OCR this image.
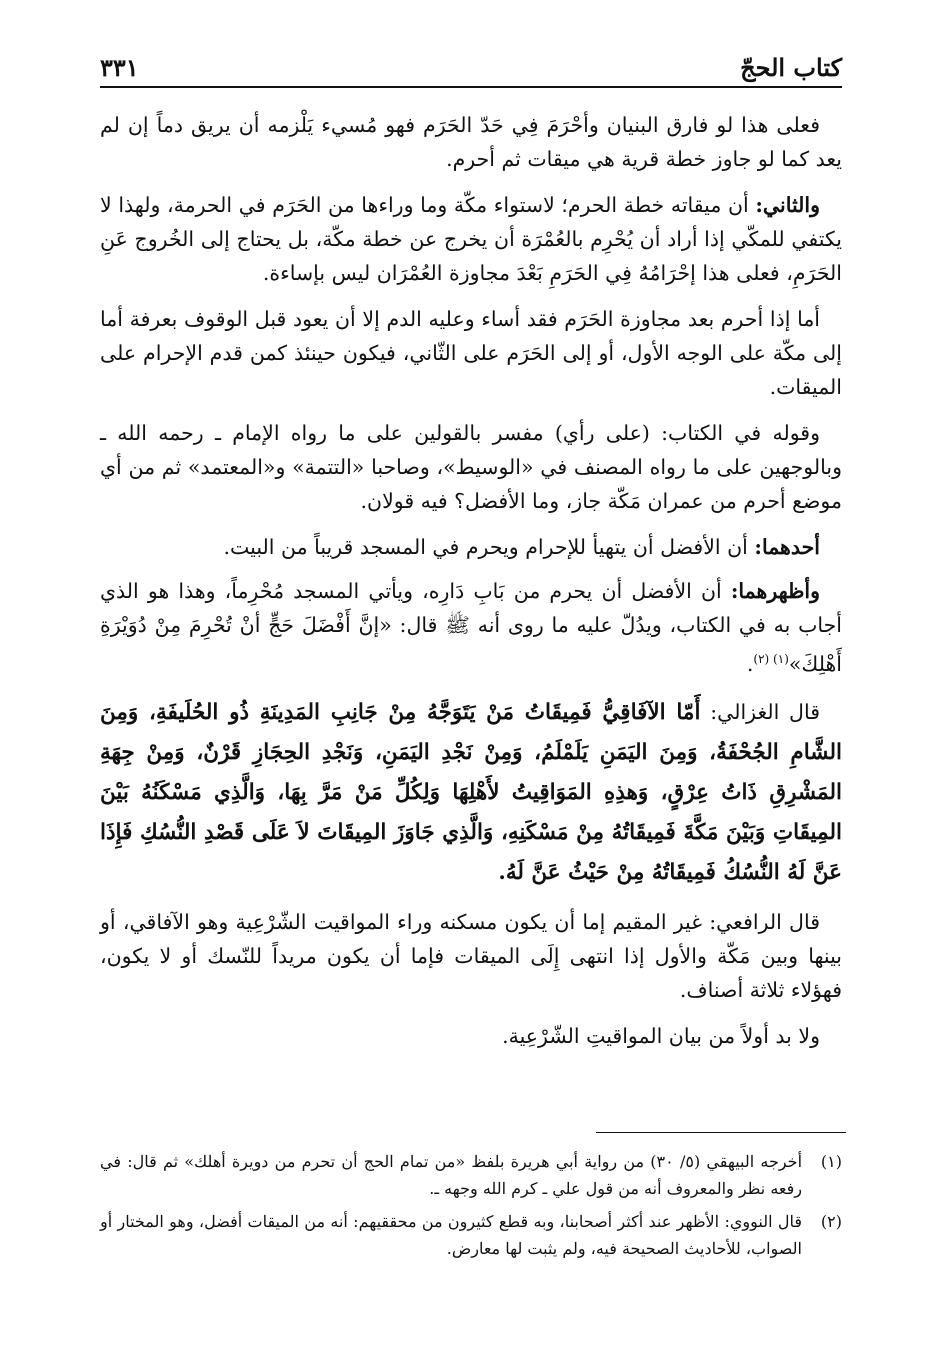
كتاب الحجّ
٣٣١

فعلى هذا لو فارق البنيان وأحْرَمَ فِي حَدّ الحَرَم فهو مُسيء يَلْزمه أن يريق دماً إن لم يعد كما لو جاوز خطة قرية هي ميقات ثم أحرم.

والثاني: أن ميقاته خطة الحرم؛ لاستواء مكّة وما وراءها من الحَرَم في الحرمة، ولهذا لا يكتفي للمكّي إذا أراد أن يُحْرِم بالعُمْرَة أن يخرج عن خطة مكّة، بل يحتاج إلى الخُروج عَنِ الحَرَمِ، فعلى هذا إحْرَامُهُ فِي الحَرَمِ بَعْدَ مجاوزة العُمْرَان ليس بإساءة.

أما إذا أحرم بعد مجاوزة الحَرَم فقد أساء وعليه الدم إلا أن يعود قبل الوقوف بعرفة أما إلى مكّة على الوجه الأول، أو إلى الحَرَم على الثّاني، فيكون حينئذ كمن قدم الإحرام على الميقات.

وقوله في الكتاب: (على رأي) مفسر بالقولين على ما رواه الإمام ـ رحمه الله ـ وبالوجهين على ما رواه المصنف في «الوسيط»، وصاحبا «التتمة» و«المعتمد» ثم من أي موضع أحرم من عمران مَكّة جاز، وما الأفضل؟ فيه قولان.

أحدهما: أن الأفضل أن يتهيأ للإحرام ويحرم في المسجد قريباً من البيت.

وأظهرهما: أن الأفضل أن يحرم من بَابِ دَارِه، ويأتي المسجد مُحْرِماً، وهذا هو الذي أجاب به في الكتاب، ويدُلّ عليه ما روى أنه ﷺ قال: «إنَّ أَفْضَلَ حَجٍّ أنْ تُحْرِمَ مِنْ دُوَيْرَةِ أَهْلِكَ»$^{(١) (٢)}$.

قال الغزالي: أَمّا الآفَاقِيُّ فَمِيقَاتُ مَنْ يَتَوَجَّهُ مِنْ جَانِبِ المَدِينَةِ ذُو الحُلَيفَةِ، وَمِنَ الشَّامِ الجُحْفَةُ، وَمِنَ اليَمَنِ يَلَمْلَمُ، وَمِنْ نَجْدِ اليَمَنِ، وَنَجْدِ الحِجَازِ قَرْنٌ، وَمِنْ جِهَةِ المَشْرِقِ ذَاتُ عِرْقٍ، وَهذِهِ المَوَاقِيتُ لأَهْلِهَا وَلِكُلِّ مَنْ مَرَّ بِهَا، وَالَّذِي مَسْكَنُهُ بَيْنَ المِيقَاتِ وَبَيْنَ مَكَّةَ فَمِيقَاتُهُ مِنْ مَسْكَنِهِ، وَالَّذِي جَاوَزَ المِيقَاتَ لاَ عَلَى قَصْدِ النُّسُكِ فَإِذَا عَنَّ لَهُ النُّسُكُ فَمِيقَاتُهُ مِنْ حَيْثُ عَنَّ لَهُ.

قال الرافعي: غير المقيم إما أن يكون مسكنه وراء المواقيت الشّرْعِية وهو الآفاقي، أو بينها وبين مَكّة والأول إذا انتهى إِلَى الميقات فإما أن يكون مريداً للنّسك أو لا يكون، فهؤلاء ثلاثة أصناف.

ولا بد أولاً من بيان المواقيتِ الشّرْعِية.

(١)
أخرجه البيهقي (٥/ ٣٠) من رواية أبي هريرة بلفظ «من تمام الحج أن تحرم من دويرة أهلك» ثم قال: في رفعه نظر والمعروف أنه من قول علي ـ كرم الله وجهه ـ.
(٢)
قال النووي: الأظهر عند أكثر أصحابنا، وبه قطع كثيرون من محققيهم: أنه من الميقات أفضل، وهو المختار أو الصواب، للأحاديث الصحيحة فيه، ولم يثبت لها معارض.
